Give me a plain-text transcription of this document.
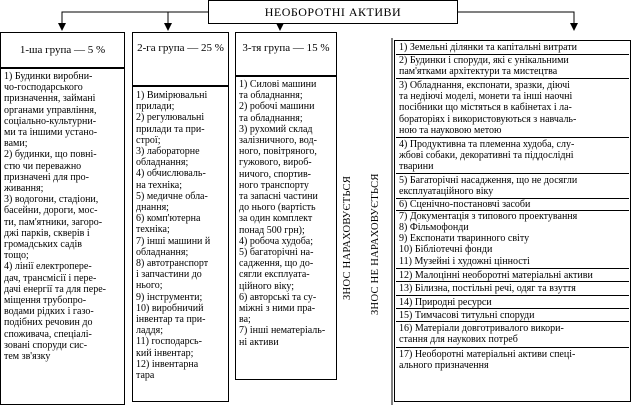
НЕОБОРОТНІ АКТИВИ
1-ша група — 5 %
1) Будинки виробни-
чо-господарського
призначення, займані
органами управління,
соціально-культурни-
ми та іншими устано-
вами;
2) будинки, що повні-
стю чи переважно
призначені для про-
живання;
3) водогони, стадіони,
басейни, дороги, мос-
ти, пам'ятники, загоро-
джі парків, скверів і
громадських садів
тощо;
4) лінії електропере-
дач, трансмісії і пере-
дачі енергії та для пере-
міщення трубопро-
водами рідких і газо-
подібних речовин до
споживача, спеціалі-
зовані споруди сис-
тем зв'язку
2-га група — 25 %
1) Вимірювальні
прилади;
2) регулювальні
прилади та при-
строї;
3) лабораторне
обладнання;
4) обчислюваль-
на техніка;
5) медичне обла-
днання;
6) комп'ютерна
техніка;
7) інші машини й
обладнання;
8) автотранспорт
і запчастини до
нього;
9) інструменти;
10) виробничий
інвентар та при-
ладдя;
11) господарсь-
кий інвентар;
12) інвентарна
тара
3-тя група — 15 %
1) Силові машини
та обладнання;
2) робочі машини
та обладнання;
3) рухомий склад
залізничного, вод-
ного, повітряного,
гужового, вироб-
ничого, спортив-
ного транспорту
та запасні частини
до нього (вартість
за один комплект
понад 500 грн);
4) робоча худоба;
5) багаторічні на-
садження, що до-
сягли експлуата-
ційного віку;
6) авторські та су-
міжні з ними пра-
ва;
7) інші нематеріаль-
ні активи
ЗНОС НАРАХОВУЄТЬСЯ ЗНОС НЕ НАРАХОВУЄТЬСЯ
1) Земельні ділянки та капітальні витрати
2) Будинки і споруди, які є унікальними
пам'ятками архітектури та мистецтва
3) Обладнання, експонати, зразки, діючі
та недіючі моделі, монети та інші наочні
посібники що містяться в кабінетах і ла-
бораторіях і використовуються з навчаль-
ною та науковою метою
4) Продуктивна та племенна худоба, слу-
жбові собаки, декоративні та піддослідні
тварини
5) Багаторічні насадження, що не досягли
експлуатаційного віку
6) Сценічно-постановчі засоби
7) Документація з типового проектування
8) Фільмофонди
9) Експонати тваринного світу
10) Бібліотечні фонди
11) Музейні і художні цінності
12) Малоцінні необоротні матеріальні активи
13) Білизна, постільні речі, одяг та взуття
14) Природні ресурси
15) Тимчасові титульні споруди
16) Матеріали довготривалого викори-
стання для наукових потреб
17) Необоротні матеріальні активи спеці-
ального призначення
